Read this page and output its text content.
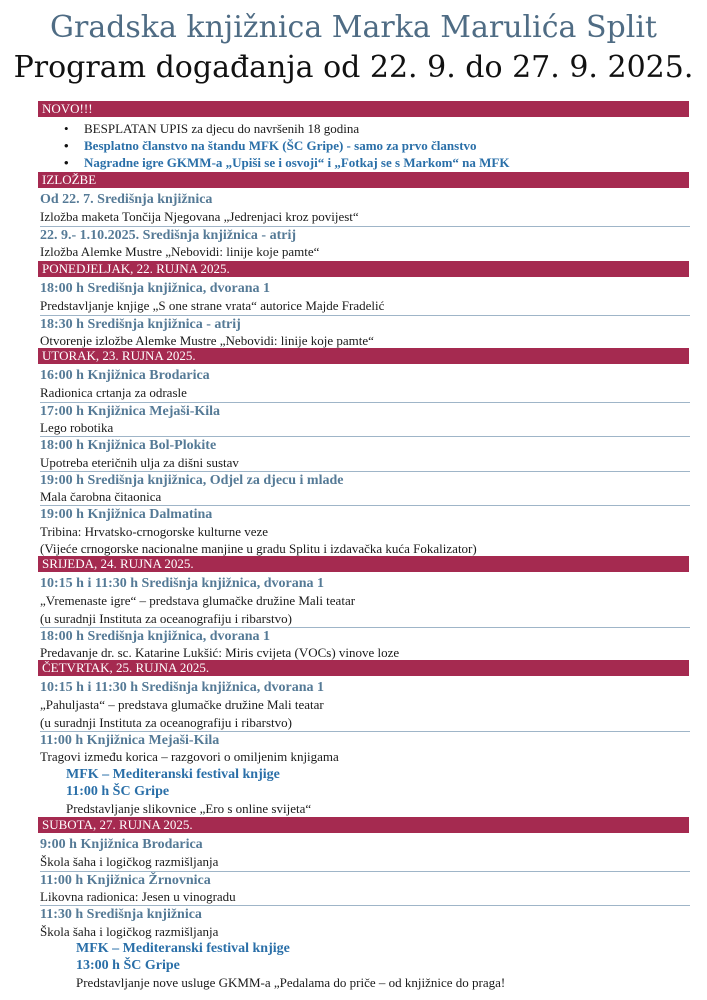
Gradska knjižnica Marka Marulića Split
Program događanja od 22. 9. do 27. 9. 2025.
NOVO!!!
• BESPLATAN UPIS za djecu do navršenih 18 godina
• Besplatno članstvo na štandu MFK (ŠC Gripe) - samo za prvo članstvo
• Nagradne igre GKMM-a „Upiši se i osvoji“ i „Fotkaj se s Markom“ na MFK
IZLOŽBE
Od 22. 7. Središnja knjižnica
Izložba maketa Tončija Njegovana „Jedrenjaci kroz povijest“
22. 9.- 1.10.2025. Središnja knjižnica - atrij
Izložba Alemke Mustre „Nebovidi: linije koje pamte“
PONEDJELJAK, 22. RUJNA 2025.
18:00 h Središnja knjižnica, dvorana 1
Predstavljanje knjige „S one strane vrata“ autorice Majde Fradelić
18:30 h Središnja knjižnica - atrij
Otvorenje izložbe Alemke Mustre „Nebovidi: linije koje pamte“
UTORAK, 23. RUJNA 2025.
16:00 h Knjižnica Brodarica
Radionica crtanja za odrasle
17:00 h Knjižnica Mejaši-Kila
Lego robotika
18:00 h Knjižnica Bol-Plokite
Upotreba eteričnih ulja za dišni sustav
19:00 h Središnja knjižnica, Odjel za djecu i mlade
Mala čarobna čitaonica
19:00 h Knjižnica Dalmatina
Tribina: Hrvatsko-crnogorske kulturne veze
(Vijeće crnogorske nacionalne manjine u gradu Splitu i izdavačka kuća Fokalizator)
SRIJEDA, 24. RUJNA 2025.
10:15 h i 11:30 h Središnja knjižnica, dvorana 1
„Vremenaste igre“ – predstava glumačke družine Mali teatar
(u suradnji Instituta za oceanografiju i ribarstvo)
18:00 h Središnja knjižnica, dvorana 1
Predavanje dr. sc. Katarine Lukšić: Miris cvijeta (VOCs) vinove loze
ČETVRTAK, 25. RUJNA 2025.
10:15 h i 11:30 h Središnja knjižnica, dvorana 1
„Pahuljasta“ – predstava glumačke družine Mali teatar
(u suradnji Instituta za oceanografiju i ribarstvo)
11:00 h Knjižnica Mejaši-Kila
Tragovi između korica – razgovori o omiljenim knjigama
MFK – Mediteranski festival knjige
11:00 h ŠC Gripe
Predstavljanje slikovnice „Ero s online svijeta“
SUBOTA, 27. RUJNA 2025.
9:00 h Knjižnica Brodarica
Škola šaha i logičkog razmišljanja
11:00 h Knjižnica Žrnovnica
Likovna radionica: Jesen u vinogradu
11:30 h Središnja knjižnica
Škola šaha i logičkog razmišljanja
MFK – Mediteranski festival knjige
13:00 h ŠC Gripe
Predstavljanje nove usluge GKMM-a „Pedalama do priče – od knjižnice do praga!
